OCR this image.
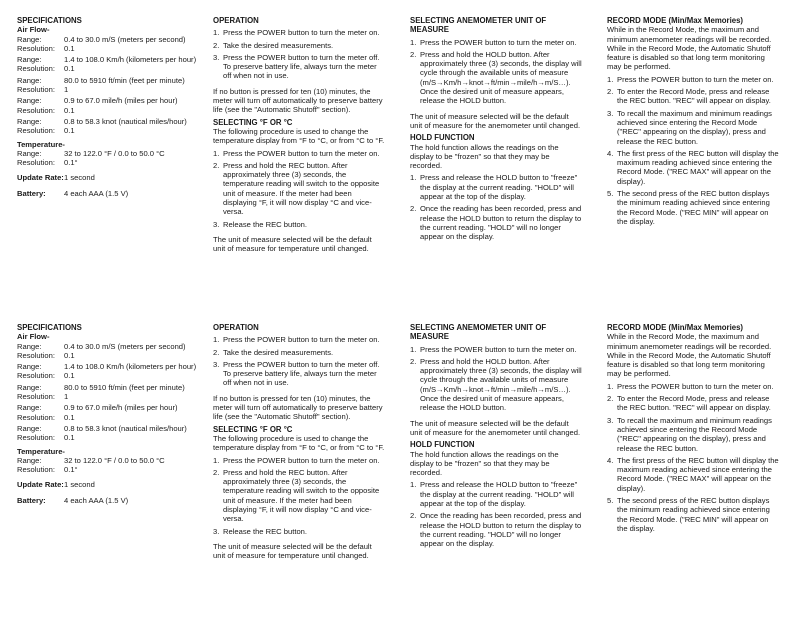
SPECIFICATIONS
Air Flow-
Range:	0.4 to 30.0 m/S (meters per second)
Resolution:	0.1
Range:	1.4 to 108.0 Km/h (kilometers per hour)
Resolution:	0.1
Range:	80.0 to 5910 ft/min (feet per minute)
Resolution:	1
Range:	0.9 to 67.0 mile/h (miles per hour)
Resolution:	0.1
Range:	0.8 to 58.3 knot (nautical miles/hour)
Resolution:	0.1
Temperature-
Range:	32 to 122.0 °F / 0.0 to 50.0 °C
Resolution:	0.1°
Update Rate: 1 second
Battery:	4 each AAA (1.5 V)
OPERATION
1. Press the POWER button to turn the meter on.
2. Take the desired measurements.
3. Press the POWER button to turn the meter off. To preserve battery life, always turn the meter off when not in use.

If no button is pressed for ten (10) minutes, the meter will turn off automatically to preserve battery life (see the "Automatic Shutoff" section).

SELECTING °F OR °C

The following procedure is used to change the temperature display from °F to °C, or from °C to °F.

1. Press the POWER button to turn the meter on.
2. Press and hold the REC button. After approximately three (3) seconds, the temperature reading will switch to the opposite unit of measure. If the meter had been displaying °F, it will now display °C and vice-versa.
3. Release the REC button.

The unit of measure selected will be the default unit of measure for temperature until changed.

SELECTING ANEMOMETER UNIT OF MEASURE
1. Press the POWER button to turn the meter on.
2. Press and hold the HOLD button. After approximately three (3) seconds, the display will cycle through the available units of measure (m/S→Km/h→knot→ft/min→mile/h→m/S…). Once the desired unit of measure appears, release the HOLD button.

The unit of measure selected will be the default unit of measure for the anemometer until changed.

HOLD FUNCTION

The hold function allows the readings on the display to be "frozen" so that they may be recorded.

1. Press and release the HOLD button to "freeze" the display at the current reading. "HOLD" will appear at the top of the display.
2. Once the reading has been recorded, press and release the HOLD button to return the display to the current reading. "HOLD" will no longer appear on the display.
RECORD MODE (Min/Max Memories)

While in the Record Mode, the maximum and minimum anemometer readings will be recorded. While in the Record Mode, the Automatic Shutoff feature is disabled so that long term monitoring may be performed.

1. Press the POWER button to turn the meter on.
2. To enter the Record Mode, press and release the REC button. "REC" will appear on display.
3. To recall the maximum and minimum readings achieved since entering the Record Mode ("REC" appearing on the display), press and release the REC button.
4. The first press of the REC button will display the maximum reading achieved since entering the Record Mode. ("REC MAX" will appear on the display).
5. The second press of the REC button displays the minimum reading achieved since entering the Record Mode. ("REC MIN" will appear on the display.
SPECIFICATIONS
Air Flow-
Range:	0.4 to 30.0 m/S (meters per second)
Resolution:	0.1
Range:	1.4 to 108.0 Km/h (kilometers per hour)
Resolution:	0.1
Range:	80.0 to 5910 ft/min (feet per minute)
Resolution:	1
Range:	0.9 to 67.0 mile/h (miles per hour)
Resolution:	0.1
Range:	0.8 to 58.3 knot (nautical miles/hour)
Resolution:	0.1
Temperature-
Range:	32 to 122.0 °F / 0.0 to 50.0 °C
Resolution:	0.1°
Update Rate: 1 second
Battery:	4 each AAA (1.5 V)
OPERATION
1. Press the POWER button to turn the meter on.
2. Take the desired measurements.
3. Press the POWER button to turn the meter off. To preserve battery life, always turn the meter off when not in use.

If no button is pressed for ten (10) minutes, the meter will turn off automatically to preserve battery life (see the "Automatic Shutoff" section).

SELECTING °F OR °C

The following procedure is used to change the temperature display from °F to °C, or from °C to °F.

1. Press the POWER button to turn the meter on.
2. Press and hold the REC button. After approximately three (3) seconds, the temperature reading will switch to the opposite unit of measure. If the meter had been displaying °F, it will now display °C and vice-versa.
3. Release the REC button.

The unit of measure selected will be the default unit of measure for temperature until changed.

SELECTING ANEMOMETER UNIT OF MEASURE
1. Press the POWER button to turn the meter on.
2. Press and hold the HOLD button. After approximately three (3) seconds, the display will cycle through the available units of measure (m/S→Km/h→knot→ft/min→mile/h→m/S…). Once the desired unit of measure appears, release the HOLD button.

The unit of measure selected will be the default unit of measure for the anemometer until changed.

HOLD FUNCTION

The hold function allows the readings on the display to be "frozen" so that they may be recorded.

1. Press and release the HOLD button to "freeze" the display at the current reading. "HOLD" will appear at the top of the display.
2. Once the reading has been recorded, press and release the HOLD button to return the display to the current reading. "HOLD" will no longer appear on the display.
RECORD MODE (Min/Max Memories)

While in the Record Mode, the maximum and minimum anemometer readings will be recorded. While in the Record Mode, the Automatic Shutoff feature is disabled so that long term monitoring may be performed.

1. Press the POWER button to turn the meter on.
2. To enter the Record Mode, press and release the REC button. "REC" will appear on display.
3. To recall the maximum and minimum readings achieved since entering the Record Mode ("REC" appearing on the display), press and release the REC button.
4. The first press of the REC button will display the maximum reading achieved since entering the Record Mode. ("REC MAX" will appear on the display).
5. The second press of the REC button displays the minimum reading achieved since entering the Record Mode. ("REC MIN" will appear on the display.
